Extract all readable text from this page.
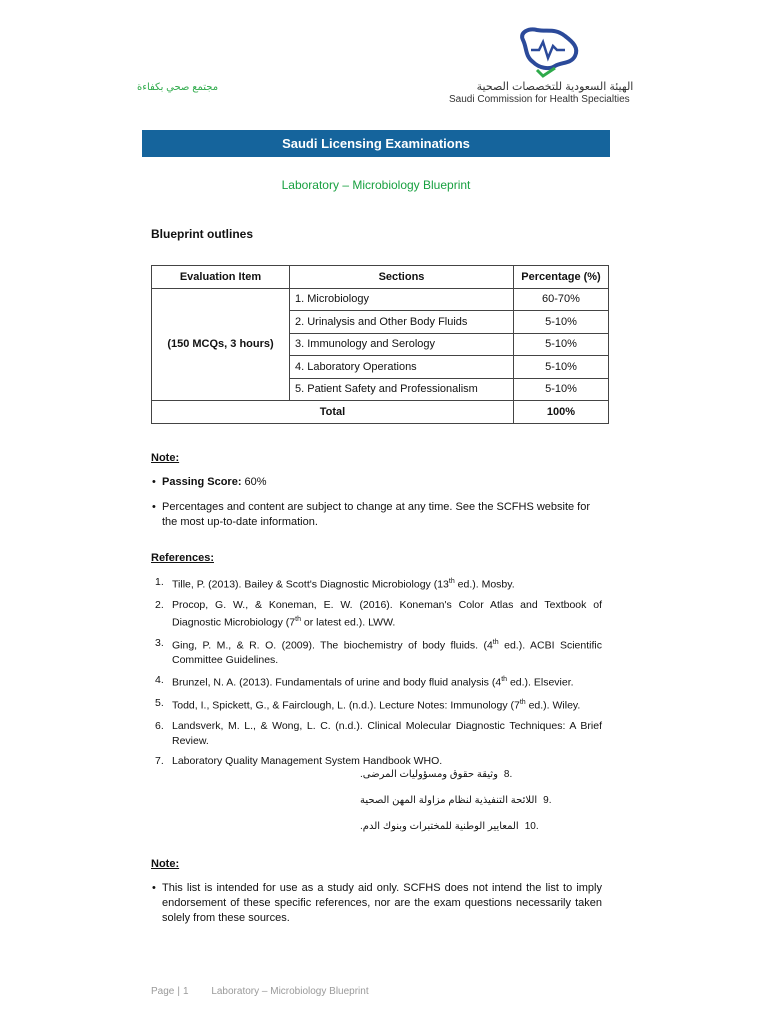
مجتمع صحي بكفاءة	الهيئة السعودية للتخصصات الصحية
Saudi Commission for Health Specialties
Saudi Licensing Examinations
Laboratory – Microbiology Blueprint
Blueprint outlines
Evaluation Item	Sections	Percentage (%)
(150 MCQs, 3 hours)	1. Microbiology	60-70%
	2. Urinalysis and Other Body Fluids	5-10%
	3. Immunology and Serology	5-10%
	4. Laboratory Operations	5-10%
	5. Patient Safety and Professionalism	5-10%
Total		100%
Note:
• Passing Score: 60%
• Percentages and content are subject to change at any time. See the SCFHS website for the most up-to-date information.
References:
1. Tille, P. (2013). Bailey & Scott's Diagnostic Microbiology (13th ed.). Mosby.
2. Procop, G. W., & Koneman, E. W. (2016). Koneman's Color Atlas and Textbook of Diagnostic Microbiology (7th or latest ed.). LWW.
3. Ging, P. M., & R. O. (2009). The biochemistry of body fluids. (4th ed.). ACBI Scientific Committee Guidelines.
4. Brunzel, N. A. (2013). Fundamentals of urine and body fluid analysis (4th ed.). Elsevier.
5. Todd, I., Spickett, G., & Fairclough, L. (n.d.). Lecture Notes: Immunology (7th ed.). Wiley.
6. Landsverk, M. L., & Wong, L. C. (n.d.). Clinical Molecular Diagnostic Techniques: A Brief Review.
7. Laboratory Quality Management System Handbook WHO.
.8
وثيقة حقوق ومسؤوليات المرضى.
.9
اللائحة التنفيذية لنظام مزاولة المهن الصحية
.10
المعايير الوطنية للمختبرات وبنوك الدم.
Note:
• This list is intended for use as a study aid only. SCFHS does not intend the list to imply endorsement of these specific references, nor are the exam questions necessarily taken solely from these sources.
Page | 1 Laboratory – Microbiology Blueprint
